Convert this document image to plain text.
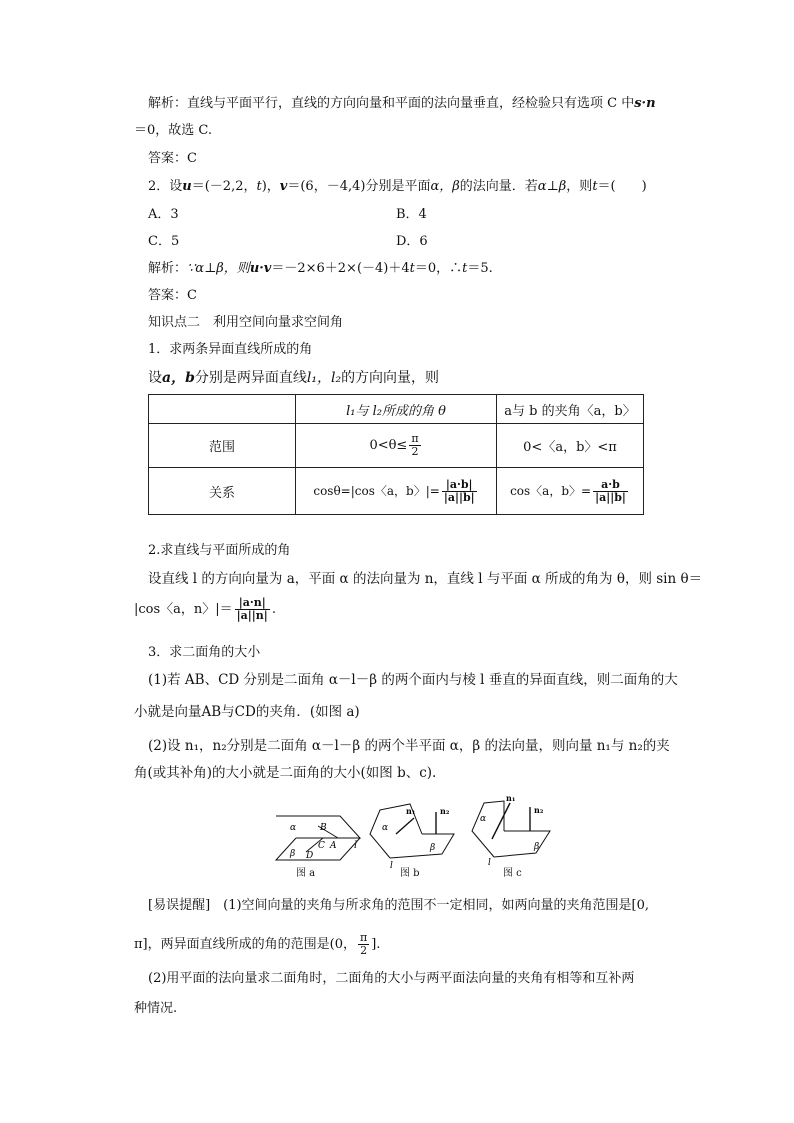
解析：直线与平面平行，直线的方向向量和平面的法向量垂直，经检验只有选项 C 中s·n
＝0，故选 C.
答案：C
2．设u＝(－2,2，t)，v＝(6，－4,4)分别是平面α，β的法向量．若α⊥β，则t＝(　　)
A．3	B．4
C．5	D．6
解析：∵α⊥β，则u·v＝－2×6＋2×(－4)＋4t＝0，∴t＝5.
答案：C
知识点二　利用空间向量求空间角
1．求两条异面直线所成的角
设a，b分别是两异面直线l₁，l₂的方向向量，则
	l₁与 l₂所成的角 θ	a与 b 的夹角〈a，b〉
范围	$0<\theta\le \frac{\pi}{2}$	0<〈a，b〉<π
关系	cosθ=|cos〈a，b〉|= $\frac{|a\cdot b|}{|a||b|}$	cos〈a，b〉= $\frac{a\cdot b}{|a||b|}$
2.求直线与平面所成的角
设直线 l 的方向向量为 a，平面 α 的法向量为 n，直线 l 与平面 α 所成的角为 θ，则 sin θ＝
|cos〈a，n〉|＝ $\frac{|a\cdot n|}{|a||n|}$ .
3．求二面角的大小
(1)若 AB、CD 分别是二面角 α－l－β 的两个面内与棱 l 垂直的异面直线，则二面角的大
小就是向量AB与CD的夹角．(如图 a)
(2)设 n₁，n₂分别是二面角 α－l－β 的两个半平面 α，β 的法向量，则向量 n₁与 n₂的夹
角(或其补角)的大小就是二面角的大小(如图 b、c).
α	B
C A
β D
l
图 a
n₁	n₂
α
β
l
图 b
n₁
n₂
α
β
l
图 c
[易误提醒]　(1)空间向量的夹角与所求角的范围不一定相同，如两向量的夹角范围是[0,
π]，两异面直线所成的角的范围是(0， $\frac{\pi}{2}$ ].
(2)用平面的法向量求二面角时，二面角的大小与两平面法向量的夹角有相等和互补两
种情况.
